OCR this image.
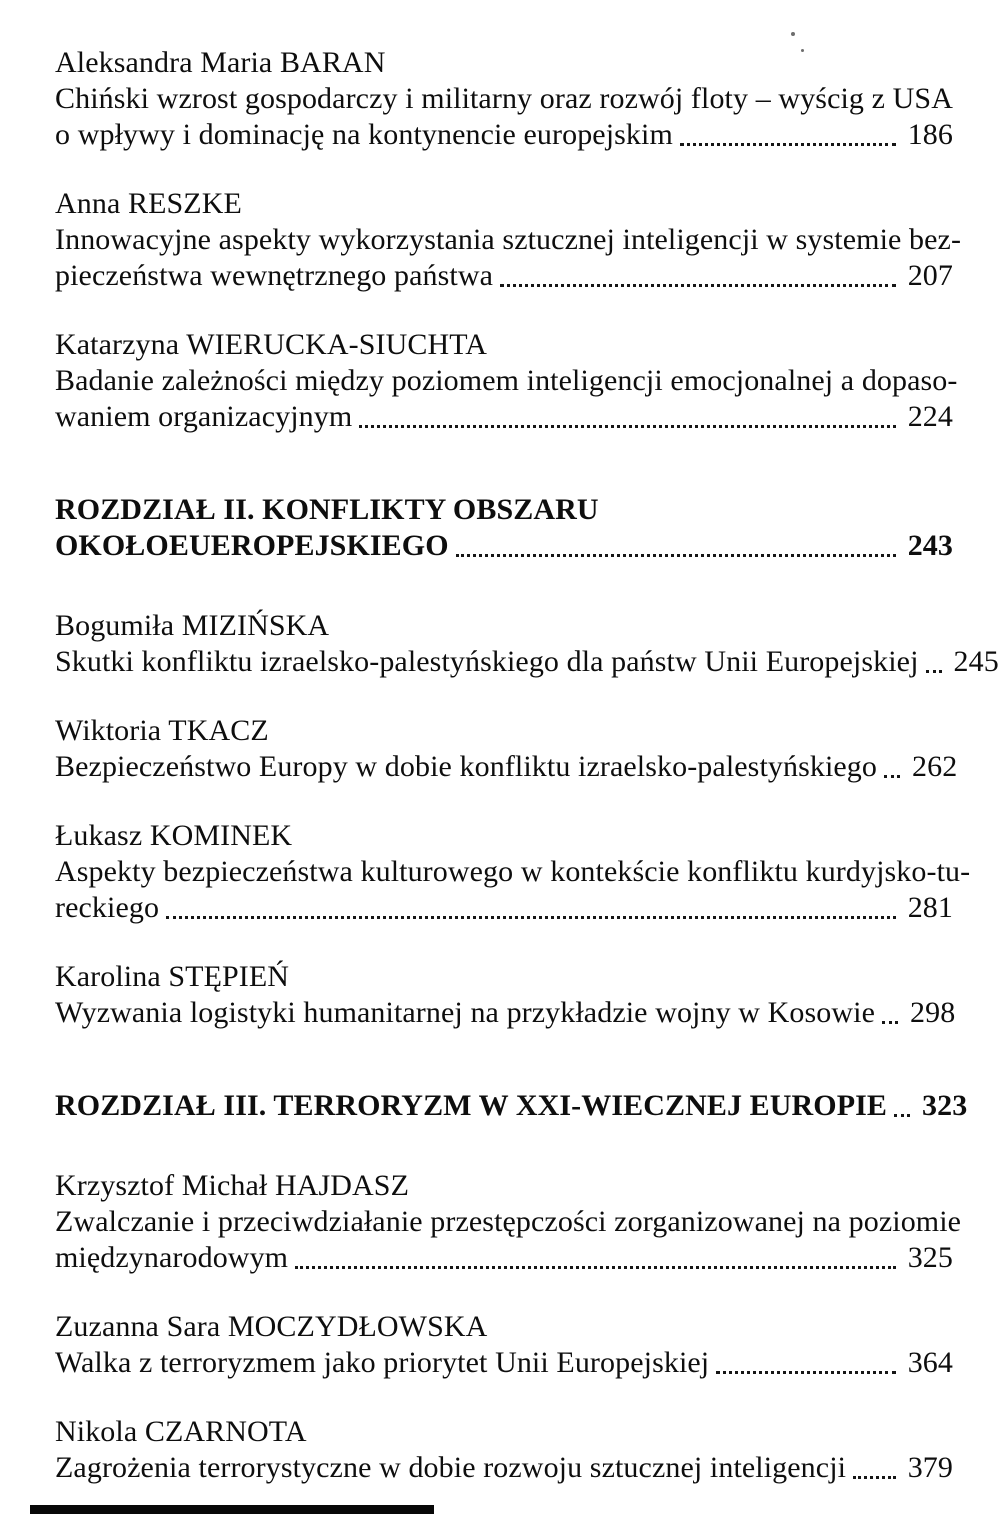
Aleksandra Maria BARAN
Chiński wzrost gospodarczy i militarny oraz rozwój floty – wyścig z USA
o wpływy i dominację na kontynencie europejskim	186
Anna RESZKE
Innowacyjne aspekty wykorzystania sztucznej inteligencji w systemie bez-
pieczeństwa wewnętrznego państwa	207
Katarzyna WIERUCKA-SIUCHTA
Badanie zależności między poziomem inteligencji emocjonalnej a dopaso-
waniem organizacyjnym	224
ROZDZIAŁ II. KONFLIKTY OBSZARU
OKOŁOEUEROPEJSKIEGO	243
Bogumiła MIZIŃSKA
Skutki konfliktu izraelsko-palestyńskiego dla państw Unii Europejskiej 245
Wiktoria TKACZ
Bezpieczeństwo Europy w dobie konfliktu izraelsko-palestyńskiego 262
Łukasz KOMINEK
Aspekty bezpieczeństwa kulturowego w kontekście konfliktu kurdyjsko-tu-
reckiego	281
Karolina STĘPIEŃ
Wyzwania logistyki humanitarnej na przykładzie wojny w Kosowie 298
ROZDZIAŁ III. TERRORYZM W XXI-WIECZNEJ EUROPIE 323
Krzysztof Michał HAJDASZ
Zwalczanie i przeciwdziałanie przestępczości zorganizowanej na poziomie
międzynarodowym	325
Zuzanna Sara MOCZYDŁOWSKA
Walka z terroryzmem jako priorytet Unii Europejskiej	364
Nikola CZARNOTA
Zagrożenia terrorystyczne w dobie rozwoju sztucznej inteligencji 379
